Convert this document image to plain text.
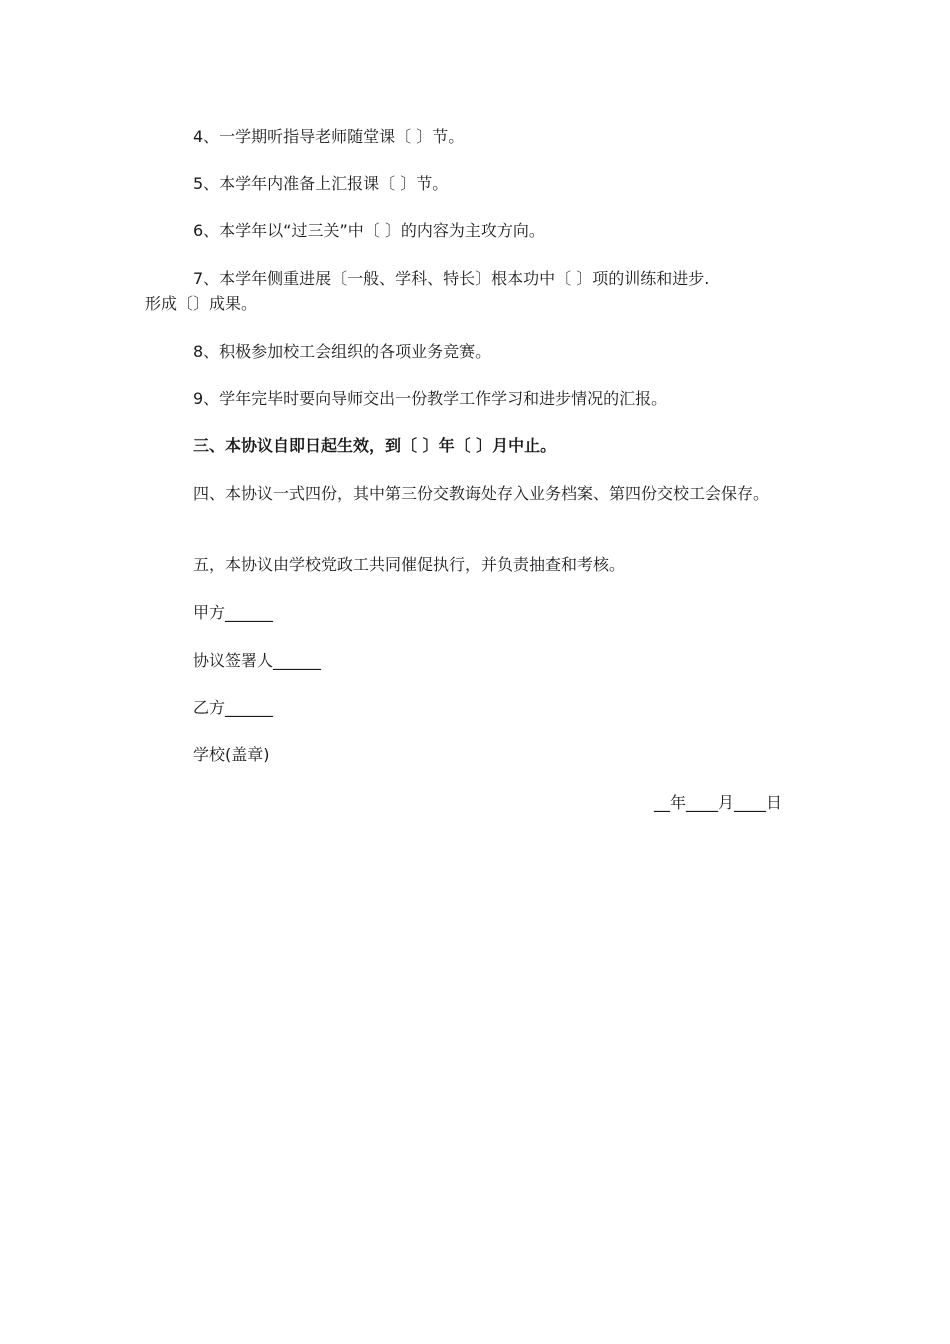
4、一学期听指导老师随堂课〔 〕节。
5、本学年内准备上汇报课〔 〕节。
6、本学年以“过三关”中〔 〕的内容为主攻方向。
7、本学年侧重进展〔一般、学科、特长〕根本功中〔 〕项的训练和进步.
形成〔〕成果。
8、积极参加校工会组织的各项业务竞赛。
9、学年完毕时要向导师交出一份教学工作学习和进步情况的汇报。
三、本协议自即日起生效，到〔 〕年〔 〕月中止。
四、本协议一式四份，其中第三份交教诲处存入业务档案、第四份交校工会保存。
五，本协议由学校党政工共同催促执行，并负责抽查和考核。
甲方______
协议签署人______
乙方______
学校(盖章)
__年____月____日
